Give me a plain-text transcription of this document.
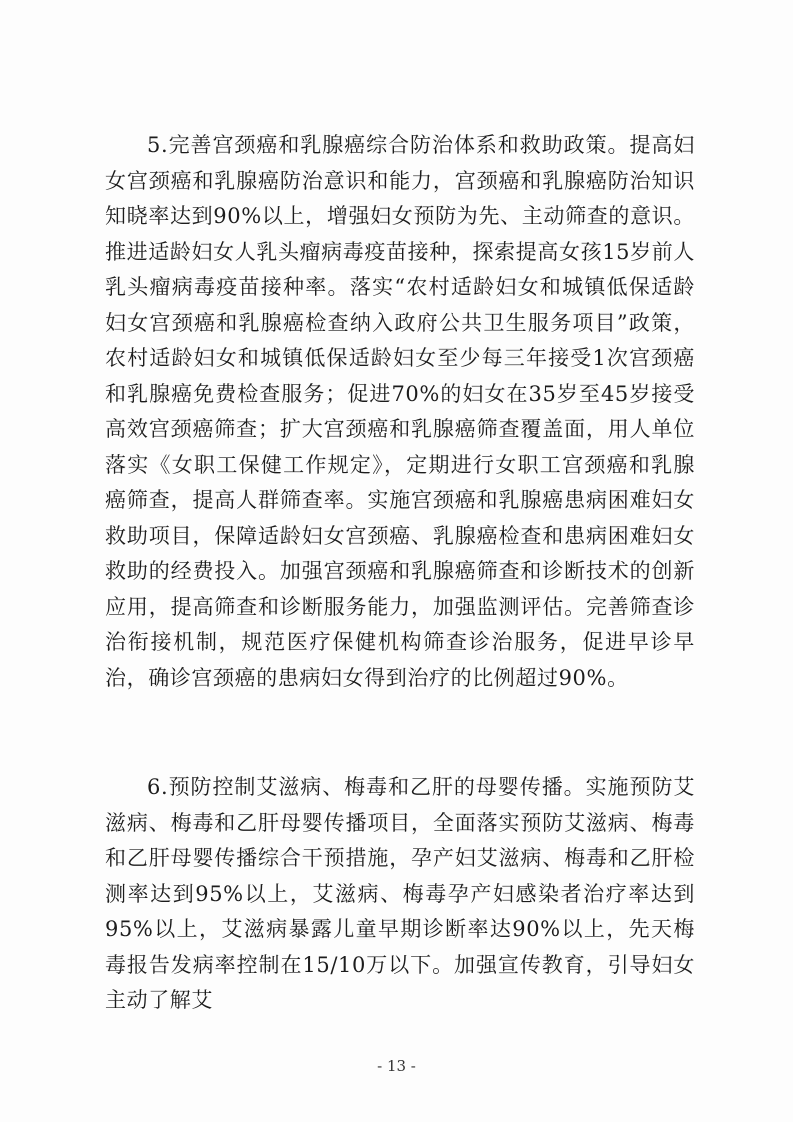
5.完善宫颈癌和乳腺癌综合防治体系和救助政策。提高妇女宫颈癌和乳腺癌防治意识和能力，宫颈癌和乳腺癌防治知识知晓率达到90%以上，增强妇女预防为先、主动筛查的意识。推进适龄妇女人乳头瘤病毒疫苗接种，探索提高女孩15岁前人乳头瘤病毒疫苗接种率。落实“农村适龄妇女和城镇低保适龄妇女宫颈癌和乳腺癌检查纳入政府公共卫生服务项目”政策，农村适龄妇女和城镇低保适龄妇女至少每三年接受1次宫颈癌和乳腺癌免费检查服务；促进70%的妇女在35岁至45岁接受高效宫颈癌筛查；扩大宫颈癌和乳腺癌筛查覆盖面，用人单位落实《女职工保健工作规定》，定期进行女职工宫颈癌和乳腺癌筛查，提高人群筛查率。实施宫颈癌和乳腺癌患病困难妇女救助项目，保障适龄妇女宫颈癌、乳腺癌检查和患病困难妇女救助的经费投入。加强宫颈癌和乳腺癌筛查和诊断技术的创新应用，提高筛查和诊断服务能力，加强监测评估。完善筛查诊治衔接机制，规范医疗保健机构筛查诊治服务，促进早诊早治，确诊宫颈癌的患病妇女得到治疗的比例超过90%。

6.预防控制艾滋病、梅毒和乙肝的母婴传播。实施预防艾滋病、梅毒和乙肝母婴传播项目，全面落实预防艾滋病、梅毒和乙肝母婴传播综合干预措施，孕产妇艾滋病、梅毒和乙肝检测率达到95%以上，艾滋病、梅毒孕产妇感染者治疗率达到95%以上，艾滋病暴露儿童早期诊断率达90%以上，先天梅毒报告发病率控制在15/10万以下。加强宣传教育，引导妇女主动了解艾

- 13 -
